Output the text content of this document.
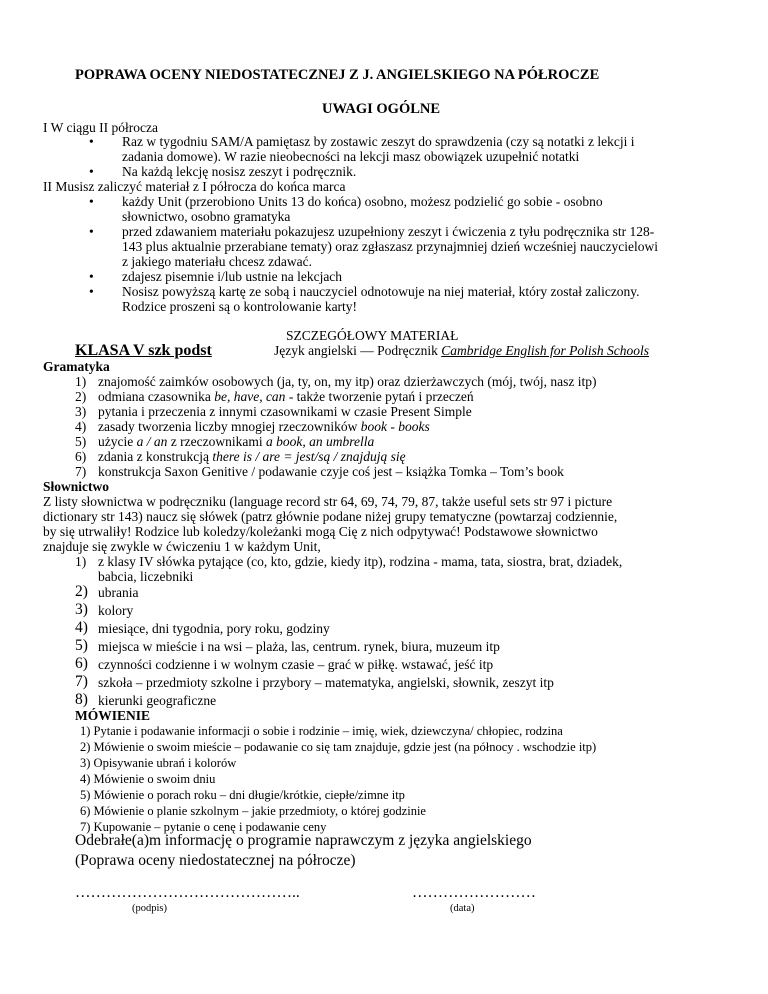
POPRAWA OCENY NIEDOSTATECZNEJ Z J. ANGIELSKIEGO NA PÓŁROCZE
UWAGI OGÓLNE
I W ciągu II półrocza
• Raz w tygodniu SAM/A pamiętasz by zostawic zeszyt do sprawdzenia (czy są notatki z lekcji i
zadania domowe). W razie nieobecności na lekcji masz obowiązek uzupełnić notatki
• Na każdą lekcję nosisz zeszyt i podręcznik.
II Musisz zaliczyć materiał z I półrocza do końca marca
• każdy Unit (przerobiono Units 13 do końca) osobno, możesz podzielić go sobie - osobno
słownictwo, osobno gramatyka
• przed zdawaniem materiału pokazujesz uzupełniony zeszyt i ćwiczenia z tyłu podręcznika str 128-
143 plus aktualnie przerabiane tematy) oraz zgłaszasz przynajmniej dzień wcześniej nauczycielowi
z jakiego materiału chcesz zdawać.
• zdajesz pisemnie i/lub ustnie na lekcjach
• Nosisz powyższą kartę ze sobą i nauczyciel odnotowuje na niej materiał, który został zaliczony.
Rodzice proszeni są o kontrolowanie karty!
SZCZEGÓŁOWY MATERIAŁ
KLASA V szk podst	Język angielski — Podręcznik Cambridge English for Polish Schools
Gramatyka
1) znajomość zaimków osobowych (ja, ty, on, my itp) oraz dzierżawczych (mój, twój, nasz itp)
2) odmiana czasownika be, have, can - także tworzenie pytań i przeczeń
3) pytania i przeczenia z innymi czasownikami w czasie Present Simple
4) zasady tworzenia liczby mnogiej rzeczowników book - books
5) użycie a / an z rzeczownikami a book, an umbrella
6) zdania z konstrukcją there is / are = jest/są / znajdują się
7) konstrukcja Saxon Genitive / podawanie czyje coś jest – książka Tomka – Tom’s book
Słownictwo
Z listy słownictwa w podręczniku (language record str 64, 69, 74, 79, 87, także useful sets str 97 i picture
dictionary str 143) naucz się słówek (patrz głównie podane niżej grupy tematyczne (powtarzaj codziennie,
by się utrwaliły! Rodzice lub koledzy/koleżanki mogą Cię z nich odpytywać! Podstawowe słownictwo
znajduje się zwykle w ćwiczeniu 1 w każdym Unit,
1) z klasy IV słówka pytające (co, kto, gdzie, kiedy itp), rodzina - mama, tata, siostra, brat, dziadek,
babcia, liczebniki
2) ubrania
3) kolory
4) miesiące, dni tygodnia, pory roku, godziny
5) miejsca w mieście i na wsi – plaża, las, centrum. rynek, biura, muzeum itp
6) czynności codzienne i w wolnym czasie – grać w piłkę. wstawać, jeść itp
7) szkoła – przedmioty szkolne i przybory – matematyka, angielski, słownik, zeszyt itp
8) kierunki geograficzne
MÓWIENIE
1) Pytanie i podawanie informacji o sobie i rodzinie – imię, wiek, dziewczyna/ chłopiec, rodzina
2) Mówienie o swoim mieście – podawanie co się tam znajduje, gdzie jest (na północy . wschodzie itp)
3) Opisywanie ubrań i kolorów
4) Mówienie o swoim dniu
5) Mówienie o porach roku – dni długie/krótkie, ciepłe/zimne itp
6) Mówienie o planie szkolnym – jakie przedmioty, o której godzinie
7) Kupowanie – pytanie o cenę i podawanie ceny
Odebrałe(a)m informację o programie naprawczym z języka angielskiego
(Poprawa oceny niedostatecznej na półrocze)
……………………………………..	……………………
(podpis)	(data)
